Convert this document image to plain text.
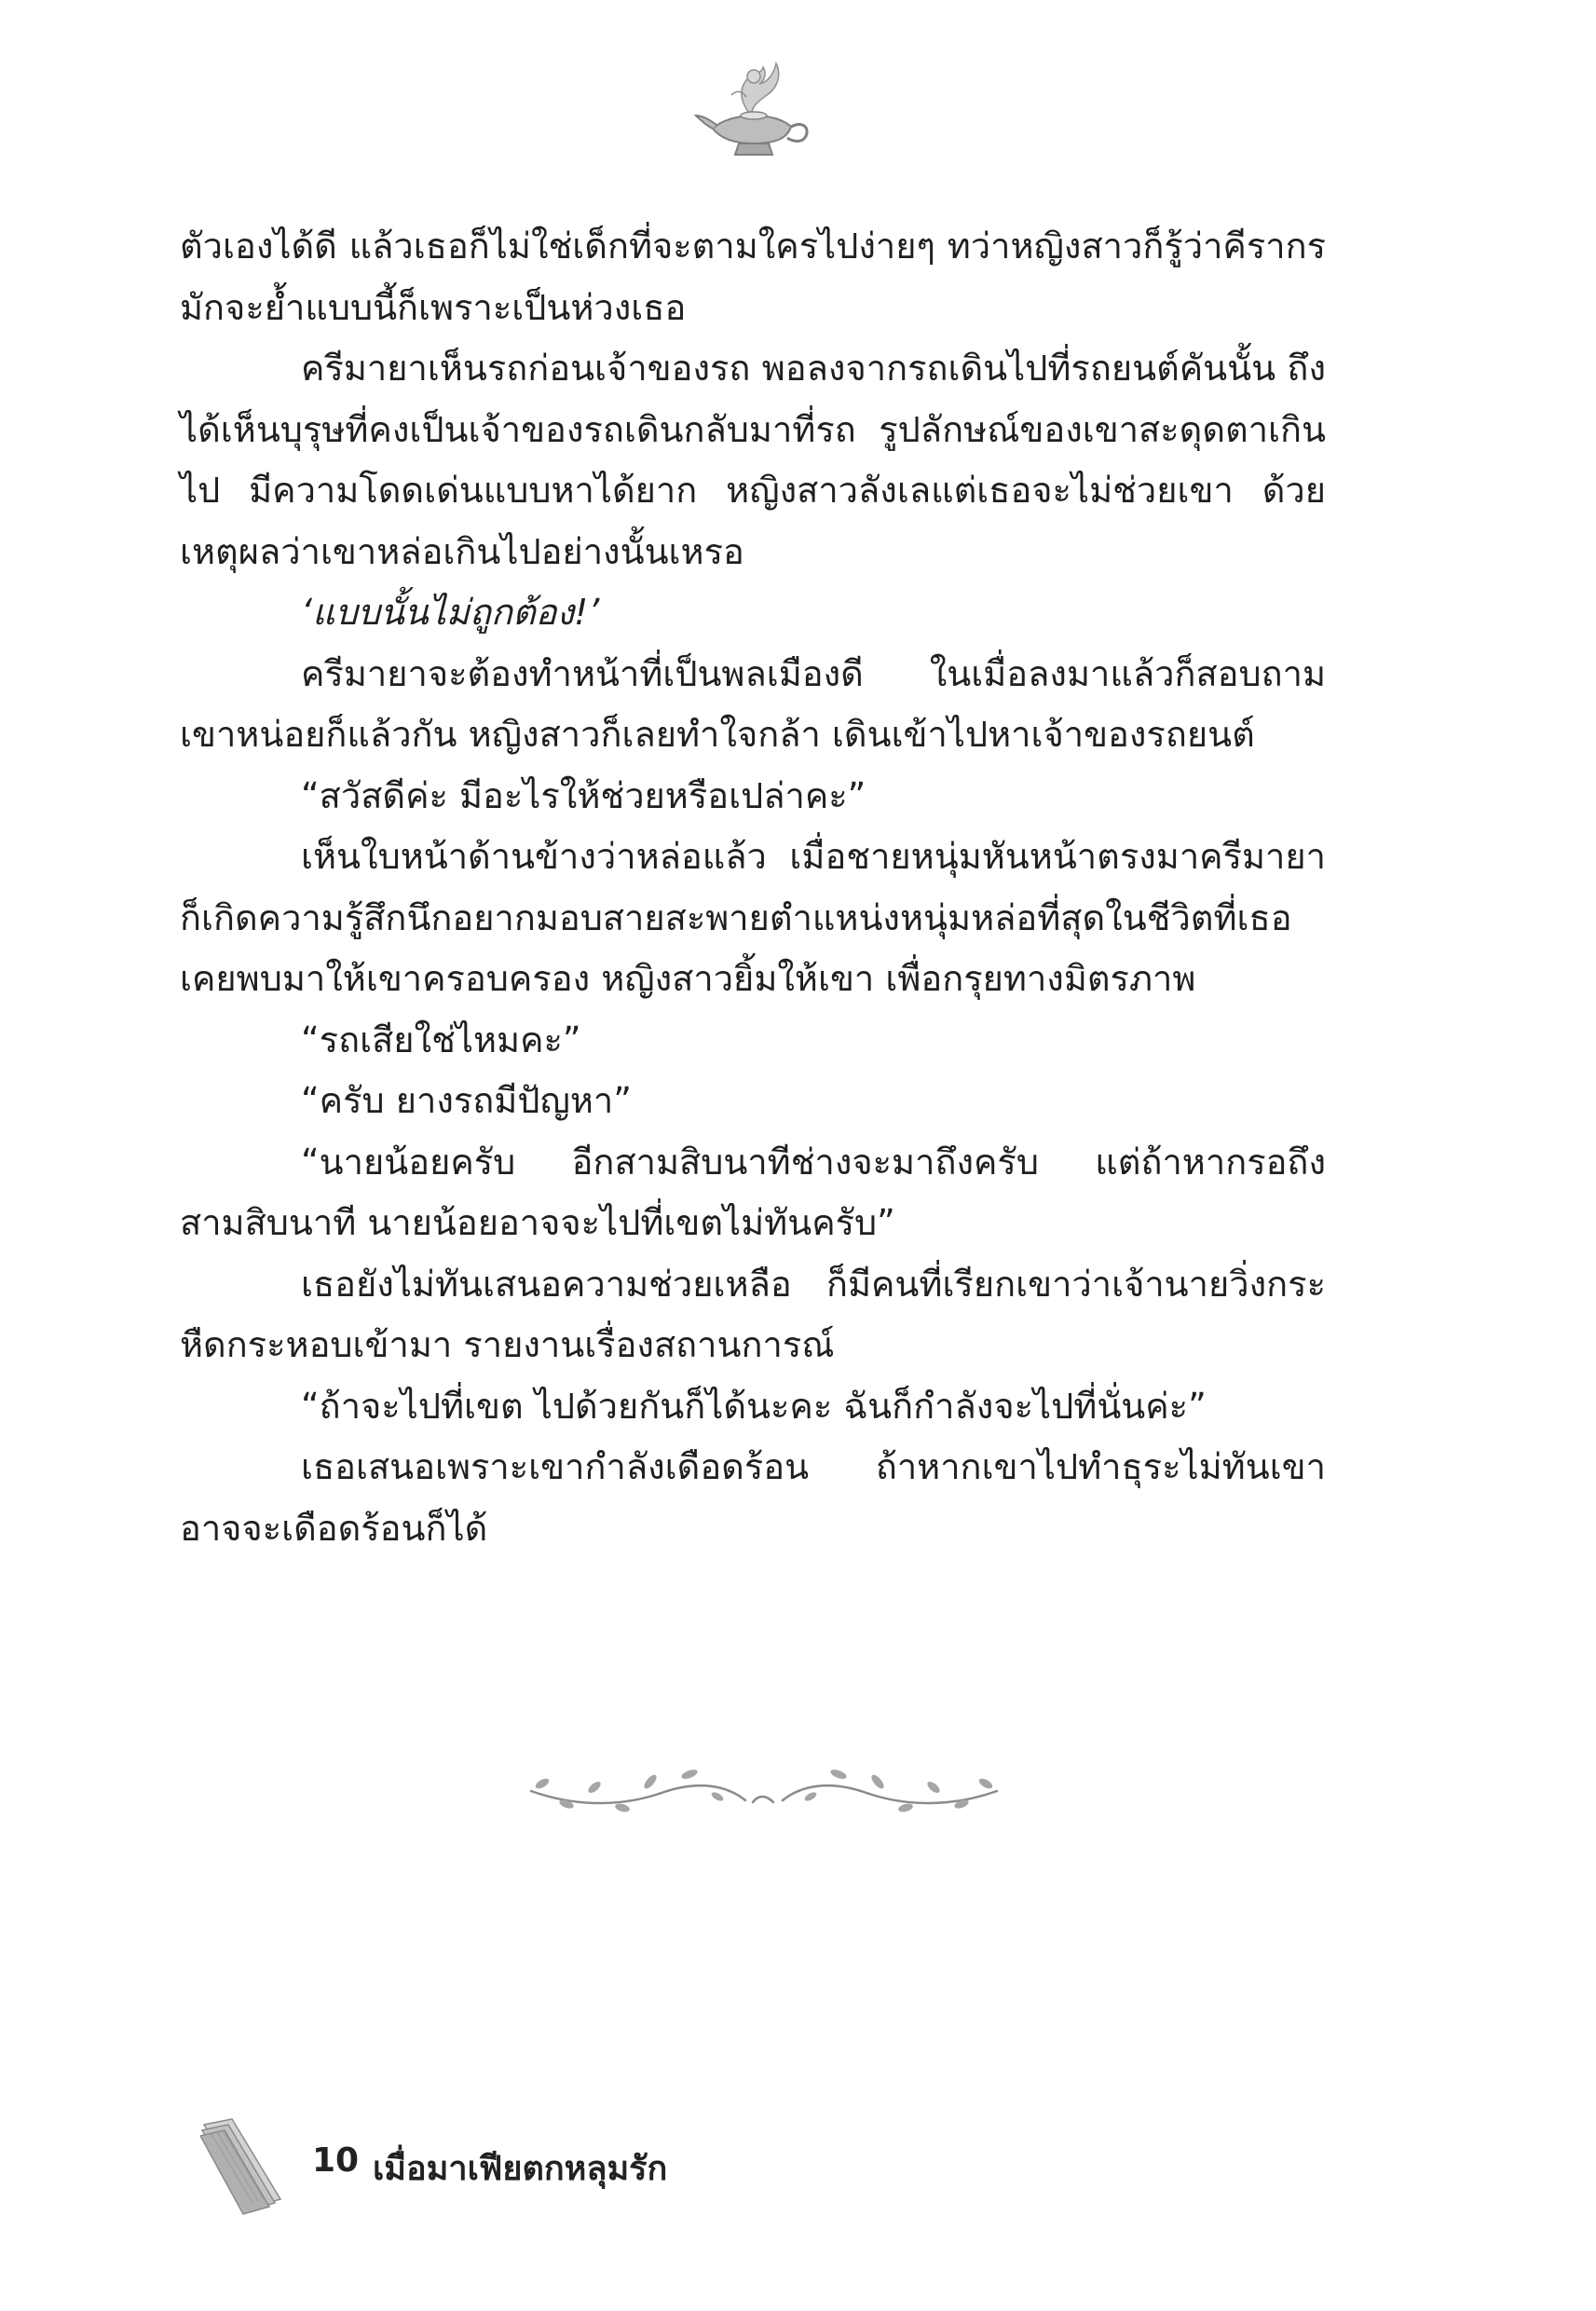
ตัวเองได้ดี แล้วเธอก็ไม่ใช่เด็กที่จะตามใครไปง่ายๆ ทว่าหญิงสาวก็รู้ว่าคีรากรมักจะย้ำแบบนี้ก็เพราะเป็นห่วงเธอ

ครีมายาเห็นรถก่อนเจ้าของรถ พอลงจากรถเดินไปที่รถยนต์คันนั้น ถึงได้เห็นบุรุษที่คงเป็นเจ้าของรถเดินกลับมาที่รถ รูปลักษณ์ของเขาสะดุดตาเกินไป มีความโดดเด่นแบบหาได้ยาก หญิงสาวลังเลแต่เธอจะไม่ช่วยเขา ด้วยเหตุผลว่าเขาหล่อเกินไปอย่างนั้นเหรอ

‘แบบนั้นไม่ถูกต้อง!’

ครีมายาจะต้องทำหน้าที่เป็นพลเมืองดี ในเมื่อลงมาแล้วก็สอบถามเขาหน่อยก็แล้วกัน หญิงสาวก็เลยทำใจกล้า เดินเข้าไปหาเจ้าของรถยนต์

“สวัสดีค่ะ มีอะไรให้ช่วยหรือเปล่าคะ”

เห็นใบหน้าด้านข้างว่าหล่อแล้ว เมื่อชายหนุ่มหันหน้าตรงมาครีมายาก็เกิดความรู้สึกนึกอยากมอบสายสะพายตำแหน่งหนุ่มหล่อที่สุดในชีวิตที่เธอเคยพบมาให้เขาครอบครอง หญิงสาวยิ้มให้เขา เพื่อกรุยทางมิตรภาพ

“รถเสียใช่ไหมคะ”

“ครับ ยางรถมีปัญหา”

“นายน้อยครับ อีกสามสิบนาทีช่างจะมาถึงครับ แต่ถ้าหากรอถึงสามสิบนาที นายน้อยอาจจะไปที่เขตไม่ทันครับ”

เธอยังไม่ทันเสนอความช่วยเหลือ ก็มีคนที่เรียกเขาว่าเจ้านายวิ่งกระหืดกระหอบเข้ามา รายงานเรื่องสถานการณ์

“ถ้าจะไปที่เขต ไปด้วยกันก็ได้นะคะ ฉันก็กำลังจะไปที่นั่นค่ะ”

เธอเสนอเพราะเขากำลังเดือดร้อน ถ้าหากเขาไปทำธุระไม่ทันเขาอาจจะเดือดร้อนก็ได้

10 เมื่อมาเฟียตกหลุมรัก
